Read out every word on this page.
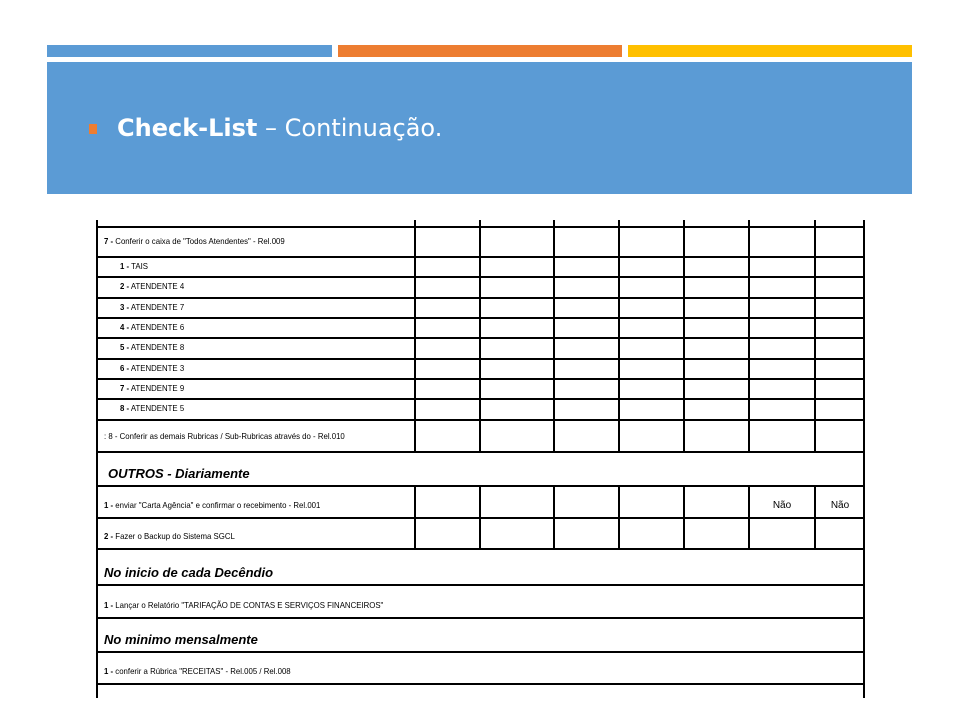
Check-List – Continuação.
7 - Conferir o caixa de "Todos Atendentes" - Rel.009
1 - TAIS
2 - ATENDENTE 4
3 - ATENDENTE 7
4 - ATENDENTE 6
5 - ATENDENTE 8
6 - ATENDENTE 3
7 - ATENDENTE 9
8 - ATENDENTE 5
: 8 - Conferir as demais Rubricas / Sub-Rubricas através do - Rel.010
OUTROS - Diariamente
1 - enviar "Carta Agência" e confirmar o recebimento - Rel.001	Não	Não
2 - Fazer o Backup do Sistema SGCL
No inicio de cada Decêndio
1 - Lançar o Relatório "TARIFAÇÃO DE CONTAS E SERVIÇOS FINANCEIROS"
No minimo mensalmente
1 - conferir a Rúbrica "RECEITAS" - Rel.005 / Rel.008
